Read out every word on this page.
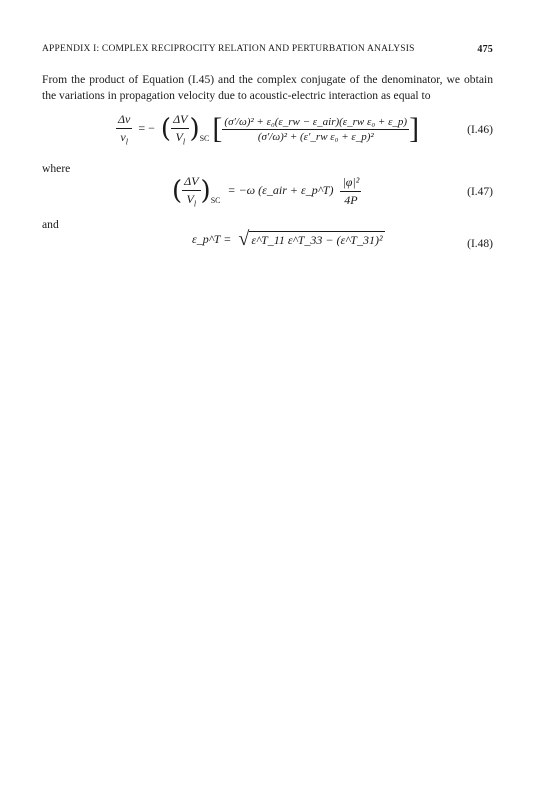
APPENDIX I: COMPLEX RECIPROCITY RELATION AND PERTURBATION ANALYSIS	475
From the product of Equation (I.45) and the complex conjugate of the denominator, we obtain the variations in propagation velocity due to acoustic-electric interaction as equal to
$\frac{\Delta v}{v_l}$ = − ( $\frac{\Delta V}{V_l} )_{SC}$ [ $\frac{\text{(σ′/ω)² + ε₀(ε\_rw − ε\_air)(ε\_rw ε₀ + ε\_p)}}{\text{(σ′/ω)² + (ε′\_rw ε₀ + ε\_p)²}}$ ]	(I.46)
where
( $\frac{\Delta V}{V_l} )_{SC} = -\omega$ (ε_air + ε_p^T) $\frac{\text{|φ|²}}{4P}$	(I.47)
and
ε_p^T = √ ε^T_11 ε^T_33 − (ε^T_31)²	(I.48)
